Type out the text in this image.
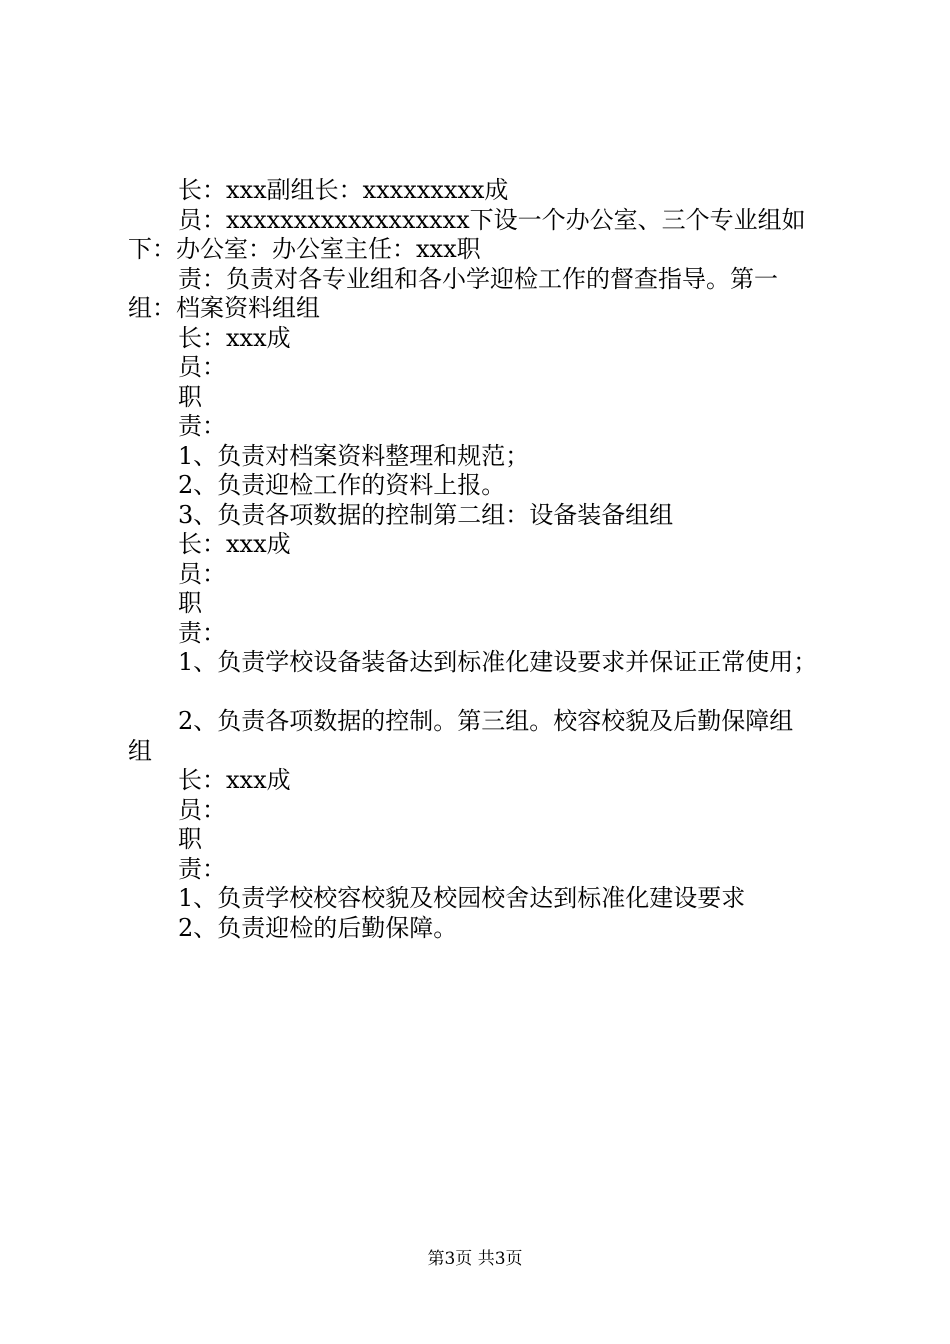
长：xxx副组长：xxxxxxxxx成

员：xxxxxxxxxxxxxxxxxx下设一个办公室、三个专业组如

下：办公室：办公室主任：xxx职

责：负责对各专业组和各小学迎检工作的督查指导。第一

组：档案资料组组

长：xxx成

员：

职

责：

1、负责对档案资料整理和规范；

2、负责迎检工作的资料上报。

3、负责各项数据的控制第二组：设备装备组组

长：xxx成

员：

职

责：

1、负责学校设备装备达到标准化建设要求并保证正常使用；

2、负责各项数据的控制。第三组。校容校貌及后勤保障组

组

长：xxx成

员：

职

责：

1、负责学校校容校貌及校园校舍达到标准化建设要求

2、负责迎检的后勤保障。

第3页 共3页
